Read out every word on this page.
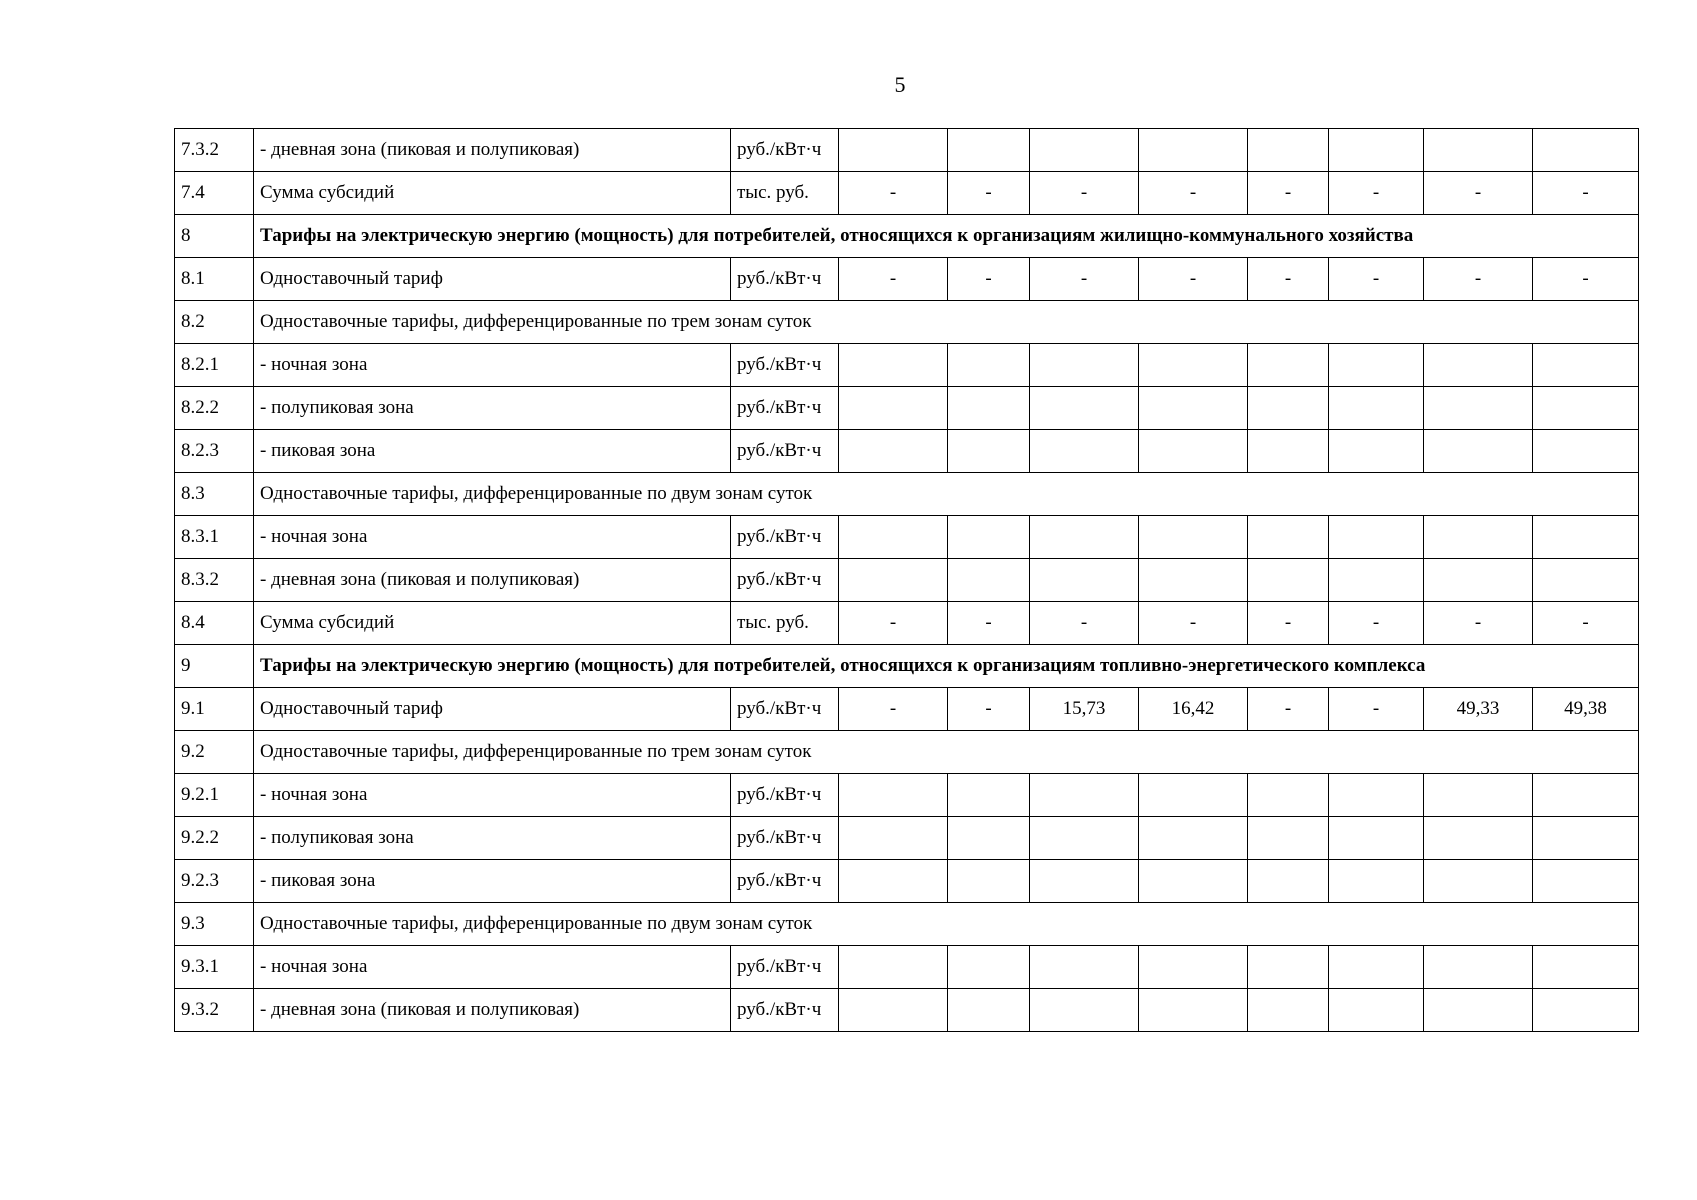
5
7.3.2	- дневная зона (пиковая и полупиковая)	руб./кВт·ч								
7.4	Сумма субсидий	тыс. руб.	-	-	-	-	-	-	-	-
8	Тарифы на электрическую энергию (мощность) для потребителей, относящихся к организациям жилищно-коммунального хозяйства									
8.1	Одноставочный тариф	руб./кВт·ч	-	-	-	-	-	-	-	-
8.2	Одноставочные тарифы, дифференцированные по трем зонам суток									
8.2.1	- ночная зона	руб./кВт·ч								
8.2.2	- полупиковая зона	руб./кВт·ч								
8.2.3	- пиковая зона	руб./кВт·ч								
8.3	Одноставочные тарифы, дифференцированные по двум зонам суток									
8.3.1	- ночная зона	руб./кВт·ч								
8.3.2	- дневная зона (пиковая и полупиковая)	руб./кВт·ч								
8.4	Сумма субсидий	тыс. руб.	-	-	-	-	-	-	-	-
9	Тарифы на электрическую энергию (мощность) для потребителей, относящихся к организациям топливно-энергетического комплекса									
9.1	Одноставочный тариф	руб./кВт·ч	-	-	15,73	16,42	-	-	49,33	49,38
9.2	Одноставочные тарифы, дифференцированные по трем зонам суток									
9.2.1	- ночная зона	руб./кВт·ч								
9.2.2	- полупиковая зона	руб./кВт·ч								
9.2.3	- пиковая зона	руб./кВт·ч								
9.3	Одноставочные тарифы, дифференцированные по двум зонам суток									
9.3.1	- ночная зона	руб./кВт·ч								
9.3.2	- дневная зона (пиковая и полупиковая)	руб./кВт·ч								
